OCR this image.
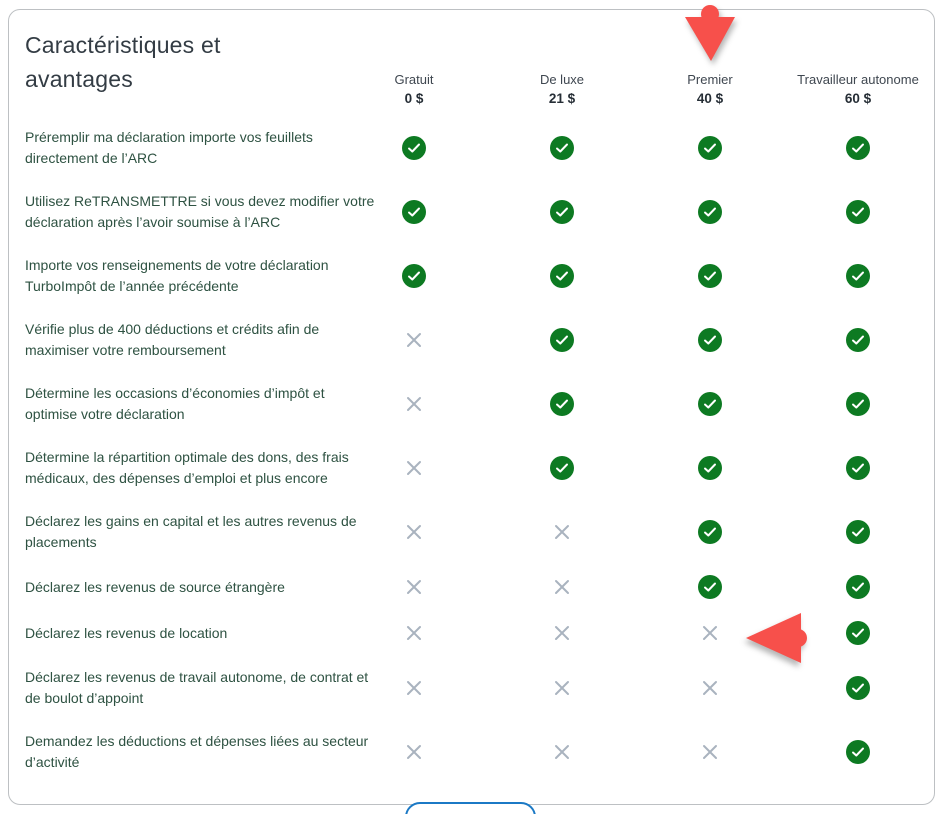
Caractéristiques et
avantages	Gratuit
0 $
De luxe
21 $
Premier
40 $
Travailleur autonome
60 $
Préremplir ma déclaration importe vos feuillets directement de l’ARC
Utilisez ReTRANSMETTRE si vous devez modifier votre déclaration après l’avoir soumise à l’ARC
Importe vos renseignements de votre déclaration TurboImpôt de l’année précédente
Vérifie plus de 400 déductions et crédits afin de maximiser votre remboursement
Détermine les occasions d’économies d’impôt et optimise votre déclaration
Détermine la répartition optimale des dons, des frais médicaux, des dépenses d’emploi et plus encore
Déclarez les gains en capital et les autres revenus de placements
Déclarez les revenus de source étrangère
Déclarez les revenus de location
Déclarez les revenus de travail autonome, de contrat et de boulot d’appoint
Demandez les déductions et dépenses liées au secteur d’activité
